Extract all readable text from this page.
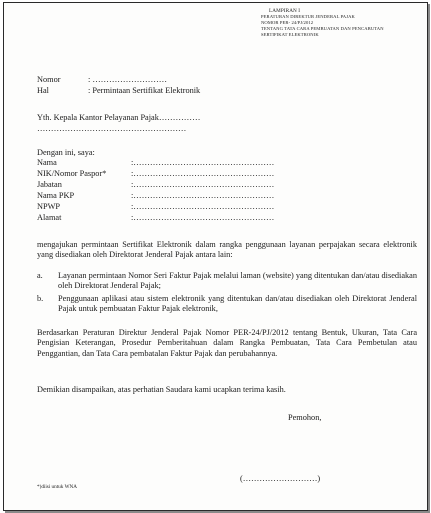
LAMPIRAN I
PERATURAN DIREKTUR JENDERAL PAJAK
NOMOR PER- 24/PJ/2012
TENTANG TATA CARA PEMBUATAN DAN PENCABUTAN
SERTIFIKAT ELEKTRONIK
Nomor	: ………………………
Hal	: Permintaan Sertifikat Elektronik
Yth. Kepala Kantor Pelayanan Pajak……………
………………………………………………
Dengan ini, saya:
Nama	:……………………………………………
NIK/Nomor Paspor*	:……………………………………………
Jabatan	:……………………………………………
Nama PKP	:……………………………………………
NPWP	:……………………………………………
Alamat	:……………………………………………
mengajukan permintaan Sertifikat Elektronik dalam rangka penggunaan layanan perpajakan secara elektronik yang disediakan oleh Direktorat Jenderal Pajak antara lain:
a. Layanan permintaan Nomor Seri Faktur Pajak melalui laman (website) yang ditentukan dan/atau disediakan oleh Direktorat Jenderal Pajak;
b. Penggunaan aplikasi atau sistem elektronik yang ditentukan dan/atau disediakan oleh Direktorat Jenderal Pajak untuk pembuatan Faktur Pajak elektronik,
Berdasarkan Peraturan Direktur Jenderal Pajak Nomor PER-24/PJ/2012 tentang Bentuk, Ukuran, Tata Cara Pengisian Keterangan, Prosedur Pemberitahuan dalam Rangka Pembuatan, Tata Cara Pembetulan atau Penggantian, dan Tata Cara pembatalan Faktur Pajak dan perubahannya.
Demikian disampaikan, atas perhatian Saudara kami ucapkan terima kasih.
Pemohon,
(………………………)
*)diisi untuk WNA
